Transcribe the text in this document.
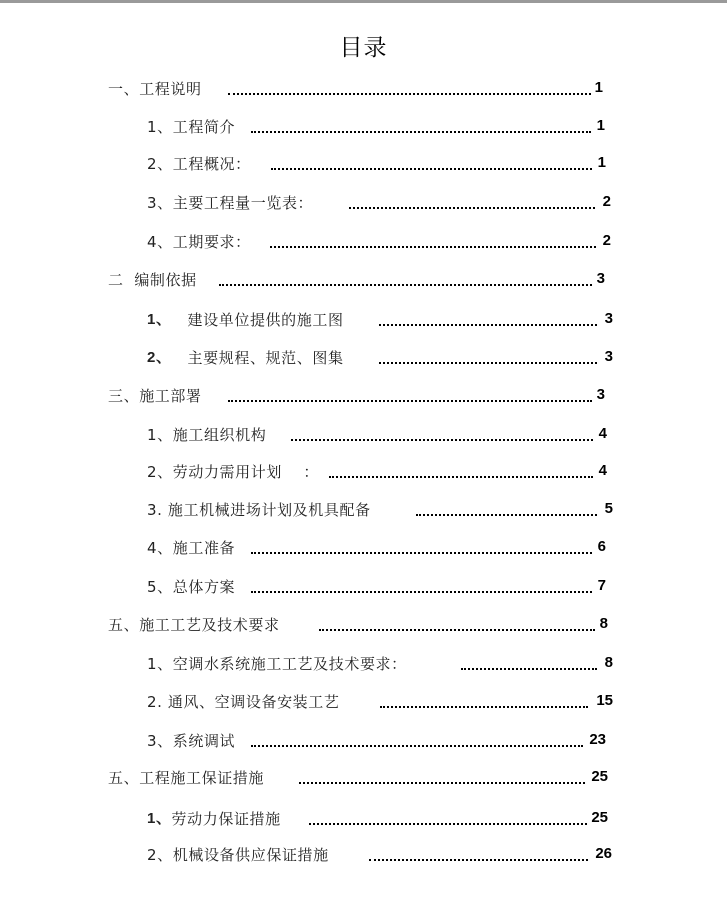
目录
一、工程说明	1
1、工程简介	1
2、工程概况：	1
3、主要工程量一览表：	2
4、工期要求：	2
二  编制依据	3
1、 建设单位提供的施工图	3
2、 主要规程、规范、图集	3
三、施工部署	3
1、施工组织机构	4
2、劳动力需用计划    ：	4
3. 施工机械进场计划及机具配备	5
4、施工准备	6
5、总体方案	7
五、施工工艺及技术要求	8
1、空调水系统施工工艺及技术要求：	8
2. 通风、空调设备安装工艺	15
3、系统调试	23
五、工程施工保证措施	25
1、 劳动力保证措施	25
2、机械设备供应保证措施	26
